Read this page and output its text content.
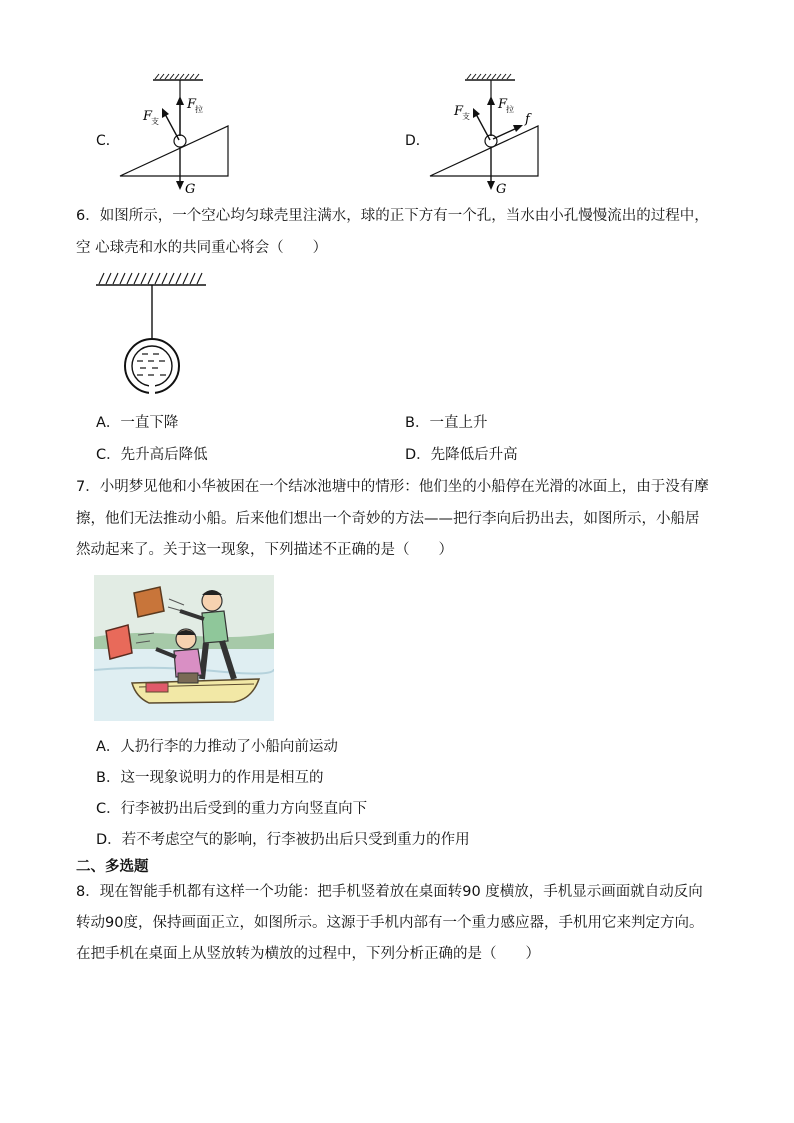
C．
F
拉
F
支
G
D．
F
拉
F
支	f
G
6．如图所示，一个空心均匀球壳里注满水，球的正下方有一个孔，当水由小孔慢慢流出的过程中，
空 心球壳和水的共同重心将会（　　）
A．一直下降	B．一直上升
C．先升高后降低	D．先降低后升高
7．小明梦见他和小华被困在一个结冰池塘中的情形：他们坐的小船停在光滑的冰面上，由于没有摩
擦，他们无法推动小船。后来他们想出一个奇妙的方法——把行李向后扔出去，如图所示，小船居
然动起来了。关于这一现象，下列描述不正确的是（　　）
A．人扔行李的力推动了小船向前运动
B．这一现象说明力的作用是相互的
C．行李被扔出后受到的重力方向竖直向下
D．若不考虑空气的影响，行李被扔出后只受到重力的作用
二、多选题
8．现在智能手机都有这样一个功能：把手机竖着放在桌面转90 度横放，手机显示画面就自动反向
转动90度，保持画面正立，如图所示。这源于手机内部有一个重力感应器，手机用它来判定方向。
在把手机在桌面上从竖放转为横放的过程中，下列分析正确的是（　　）
